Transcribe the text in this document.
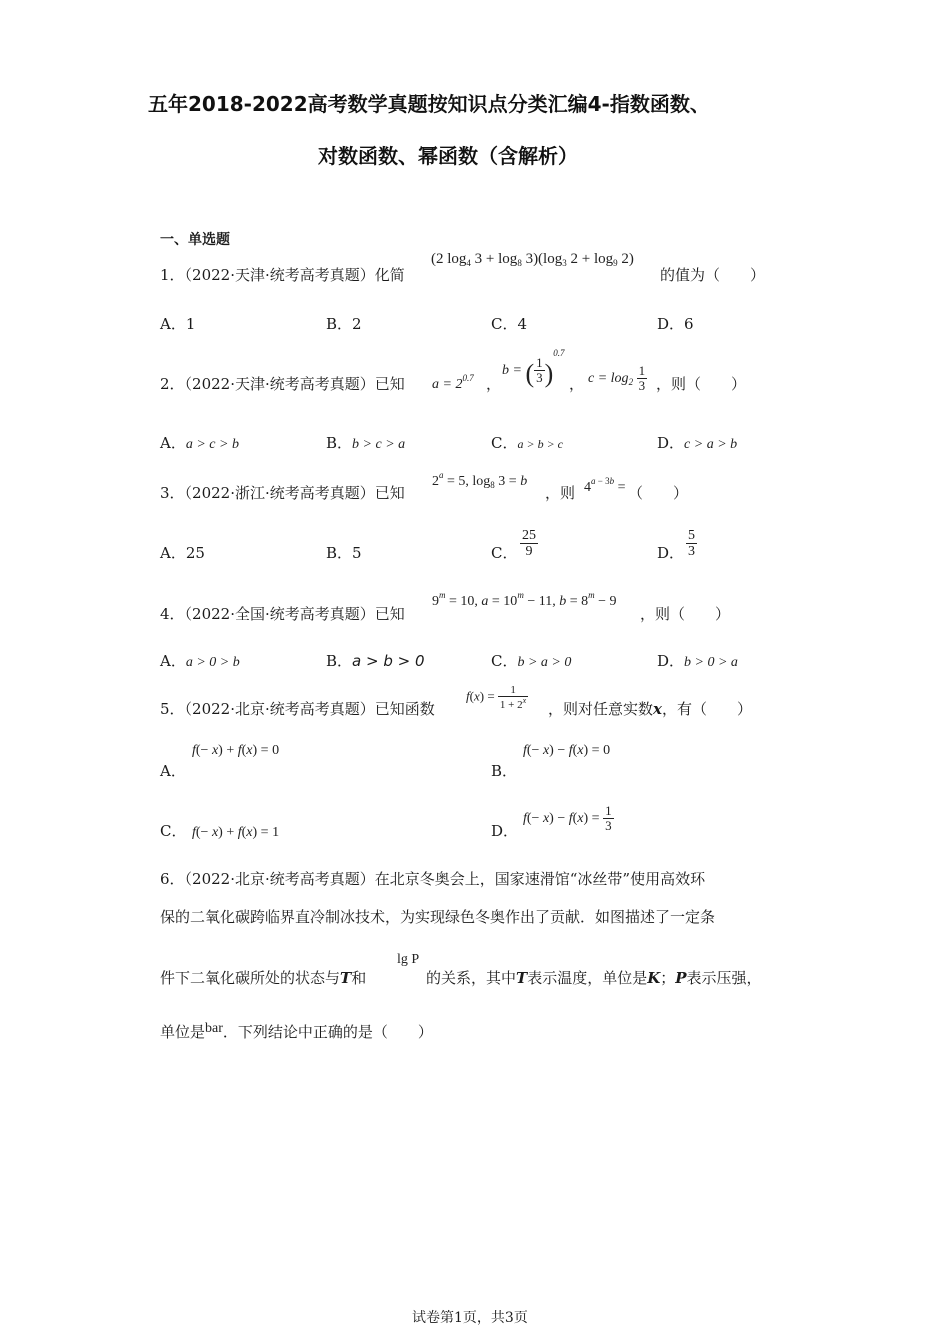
五年2018-2022高考数学真题按知识点分类汇编4-指数函数、
对数函数、幂函数（含解析）
一、单选题
1．（2022·天津·统考高考真题）化简
(2 $\log_4 3 + \log_8 3)(\log_3$ $2 + \log_9 2$)
的值为（　　）
A．1	B．2	C．4	D．6
2．（2022·天津·统考高考真题）已知 $a = 2^{0.7}$ ，
b = ( $\frac{1}{3} )^{0.7}$
， $c = \log_2 \frac{1}{3}$ ，则（　　）
A．a > c > b	B．b > c > a	C．a > b > c	D．c > a > b
3．（2022·浙江·统考高考真题）已知
$2^a = 5$, $\log_8 3 = b$
，则 $4^{a - 3b}$ = （　　）
A．25	B．5	C． $\frac{25}{9}$	D． $\frac{5}{3}$
4．（2022·全国·统考高考真题）已知
$9^m = 10$, $a = 10^m - 11$, $b = 8^m - 9$
，则（　　）
A．a > 0 > b	B．a > b > 0	C．b > a > 0	D．b > 0 > a
5．（2022·北京·统考高考真题）已知函数
$f(x) = \frac{1}{1 + 2^x}$ ，则对任意实数x，有（　　）
A．
f(− x) + f(x) = 0
B．
f(− x) − f(x) = 0
C． f(− x) + f(x) = 1	D．
$f(- x) - f(x) = \frac{1}{3}$
6．（2022·北京·统考高考真题）在北京冬奥会上，国家速滑馆“冰丝带”使用高效环
保的二氧化碳跨临界直冷制冰技术，为实现绿色冬奥作出了贡献．如图描述了一定条
件下二氧化碳所处的状态与T和
lg P
的关系，其中T表示温度，单位是K；P表示压强，
单位是bar．下列结论中正确的是（　　）
试卷第1页，共3页
